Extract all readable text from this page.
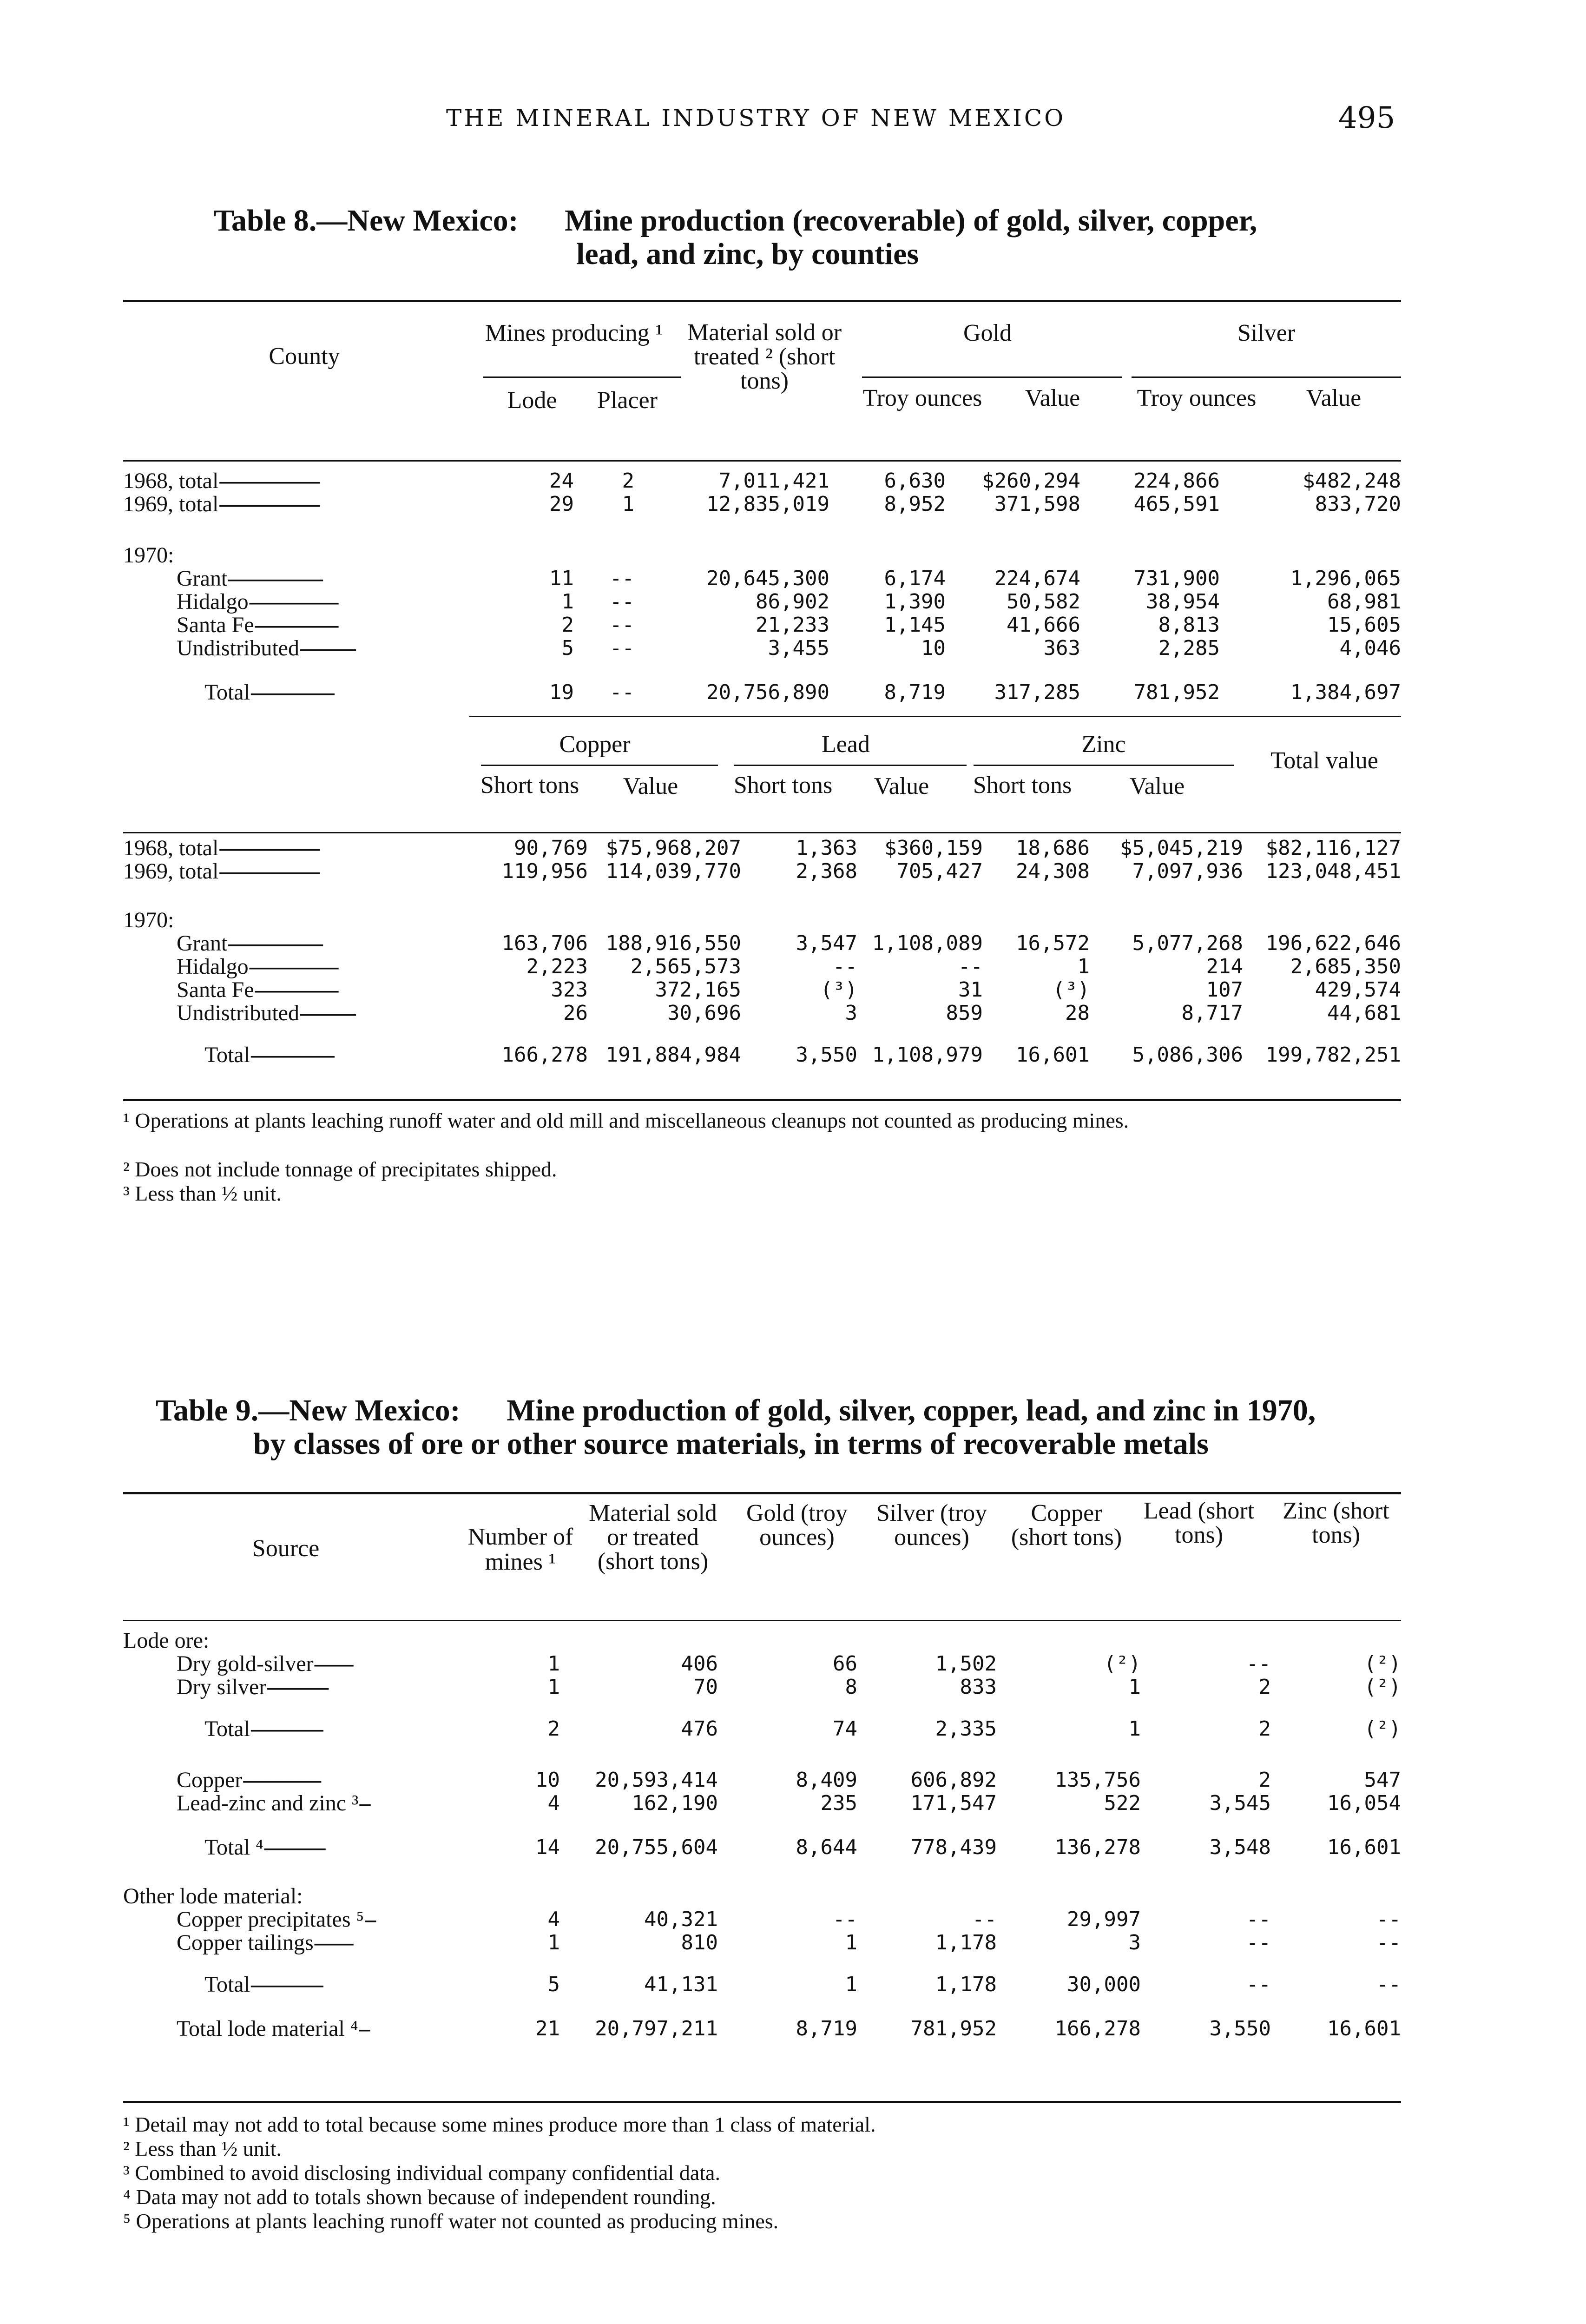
THE MINERAL INDUSTRY OF NEW MEXICO	495
Table 8.—New Mexico: Mine production (recoverable) of gold, silver, copper,
lead, and zinc, by counties
County
Mines producing ¹
Lode	Placer
Material sold or treated ² (short tons)
Gold
Troy ounces	Value
Silver
Troy ounces	Value
1968, total------------------	24	2	7,011,421	6,630	$260,294	224,866	$482,248
1969, total------------------	29	1	12,835,019	8,952	371,598	465,591	833,720

1970:							
Grant-----------------	11	--	20,645,300	6,174	224,674	731,900	1,296,065
Hidalgo----------------	1	--	86,902	1,390	50,582	38,954	68,981
Santa Fe---------------	2	--	21,233	1,145	41,666	8,813	15,605
Undistributed----------	5	--	3,455	10	363	2,285	4,046

Total---------------	19	--	20,756,890	8,719	317,285	781,952	1,384,697
Copper
Short tons	Value
Lead
Short tons	Value
Zinc
Short tons	Value
Total value
1968, total------------------	90,769	$75,968,207	1,363	$360,159	18,686	$5,045,219	$82,116,127
1969, total------------------	119,956	114,039,770	2,368	705,427	24,308	7,097,936	123,048,451

1970:							
Grant-----------------	163,706	188,916,550	3,547	1,108,089	16,572	5,077,268	196,622,646
Hidalgo----------------	2,223	2,565,573	--	--	1	214	2,685,350
Santa Fe---------------	323	372,165	(³)	31	(³)	107	429,574
Undistributed----------	26	30,696	3	859	28	8,717	44,681

Total---------------	166,278	191,884,984	3,550	1,108,979	16,601	5,086,306	199,782,251
¹ Operations at plants leaching runoff water and old mill and miscellaneous cleanups not counted as producing mines.
² Does not include tonnage of precipitates shipped.
³ Less than ½ unit.
Table 9.—New Mexico: Mine production of gold, silver, copper, lead, and zinc in 1970,
by classes of ore or other source materials, in terms of recoverable metals
Source	Number of mines ¹
Material sold or treated (short tons)
Gold (troy ounces)
Silver (troy ounces)
Copper (short tons)
Lead (short tons)
Zinc (short tons)
Lode ore:							
Dry gold-silver-------	1	406	66	1,502	(²)	--	(²)
Dry silver-----------	1	70	8	833	1	2	(²)

Total-------------	2	476	74	2,335	1	2	(²)

Copper--------------	10	20,593,414	8,409	606,892	135,756	2	547
Lead-zinc and zinc ³--	4	162,190	235	171,547	522	3,545	16,054

Total ⁴-----------	14	20,755,604	8,644	778,439	136,278	3,548	16,601

Other lode material:							
Copper precipitates ⁵--	4	40,321	--	--	29,997	--	--
Copper tailings-------	1	810	1	1,178	3	--	--

Total-------------	5	41,131	1	1,178	30,000	--	--

Total lode material ⁴--	21	20,797,211	8,719	781,952	166,278	3,550	16,601
¹ Detail may not add to total because some mines produce more than 1 class of material.
² Less than ½ unit.
³ Combined to avoid disclosing individual company confidential data.
⁴ Data may not add to totals shown because of independent rounding.
⁵ Operations at plants leaching runoff water not counted as producing mines.
